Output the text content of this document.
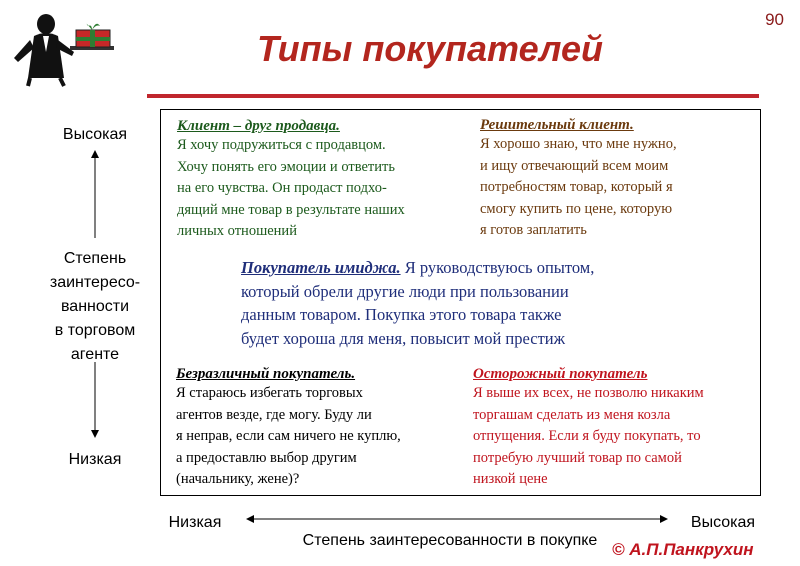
90
Типы покупателей
Клиент – друг продавца.
Я хочу подружиться с продавцом.
Хочу понять его эмоции и ответить
на его чувства. Он продаст подхо-
дящий мне товар в результате наших
личных отношений
Решительный клиент.
Я хорошо знаю, что мне нужно,
и ищу отвечающий всем моим
потребностям товар, который я
смогу купить по цене, которую
я готов заплатить
Покупатель имиджа. Я руководствуюсь опытом,
который обрели другие люди при пользовании
данным товаром. Покупка этого товара также
будет хороша для меня, повысит мой престиж
Безразличный покупатель.
Я стараюсь избегать торговых
агентов везде, где могу. Буду ли
я неправ, если сам ничего не куплю,
а предоставлю выбор другим
(начальнику, жене)?
Осторожный покупатель
Я выше их всех, не позволю никаким
торгашам сделать из меня козла
отпущения. Если я буду покупать, то
потребую лучший товар по самой
низкой цене
Высокая
Степень
заинтересо-
ванности
в торговом
агенте
Низкая
Низкая	Высокая
Степень заинтересованности в покупке © А.П.Панкрухин
